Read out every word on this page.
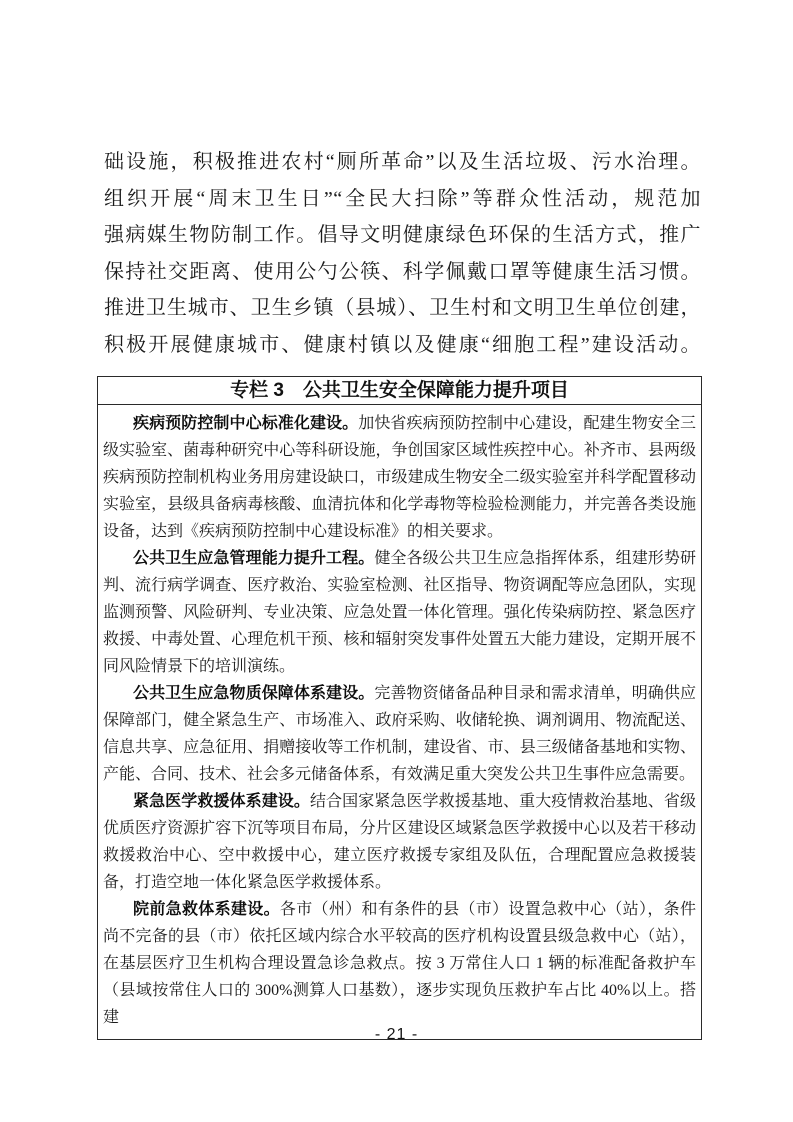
础设施，积极推进农村“厕所革命”以及生活垃圾、污水治理。
组织开展“周末卫生日”“全民大扫除”等群众性活动，规范加
强病媒生物防制工作。倡导文明健康绿色环保的生活方式，推广
保持社交距离、使用公勺公筷、科学佩戴口罩等健康生活习惯。
推进卫生城市、卫生乡镇（县城）、卫生村和文明卫生单位创建，
积极开展健康城市、健康村镇以及健康“细胞工程”建设活动。
专栏 3　公共卫生安全保障能力提升项目

疾病预防控制中心标准化建设。加快省疾病预防控制中心建设，配建生物安全三级实验室、菌毒种研究中心等科研设施，争创国家区域性疾控中心。补齐市、县两级疾病预防控制机构业务用房建设缺口，市级建成生物安全二级实验室并科学配置移动实验室，县级具备病毒核酸、血清抗体和化学毒物等检验检测能力，并完善各类设施设备，达到《疾病预防控制中心建设标准》的相关要求。

公共卫生应急管理能力提升工程。健全各级公共卫生应急指挥体系，组建形势研判、流行病学调查、医疗救治、实验室检测、社区指导、物资调配等应急团队，实现监测预警、风险研判、专业决策、应急处置一体化管理。强化传染病防控、紧急医疗救援、中毒处置、心理危机干预、核和辐射突发事件处置五大能力建设，定期开展不同风险情景下的培训演练。

公共卫生应急物质保障体系建设。完善物资储备品种目录和需求清单，明确供应保障部门，健全紧急生产、市场准入、政府采购、收储轮换、调剂调用、物流配送、信息共享、应急征用、捐赠接收等工作机制，建设省、市、县三级储备基地和实物、产能、合同、技术、社会多元储备体系，有效满足重大突发公共卫生事件应急需要。

紧急医学救援体系建设。结合国家紧急医学救援基地、重大疫情救治基地、省级优质医疗资源扩容下沉等项目布局，分片区建设区域紧急医学救援中心以及若干移动救援救治中心、空中救援中心，建立医疗救援专家组及队伍，合理配置应急救援装备，打造空地一体化紧急医学救援体系。

院前急救体系建设。各市（州）和有条件的县（市）设置急救中心（站），条件尚不完备的县（市）依托区域内综合水平较高的医疗机构设置县级急救中心（站），在基层医疗卫生机构合理设置急诊急救点。按 3 万常住人口 1 辆的标准配备救护车（县域按常住人口的 300%测算人口基数），逐步实现负压救护车占比 40%以上。搭建

- 21 -
